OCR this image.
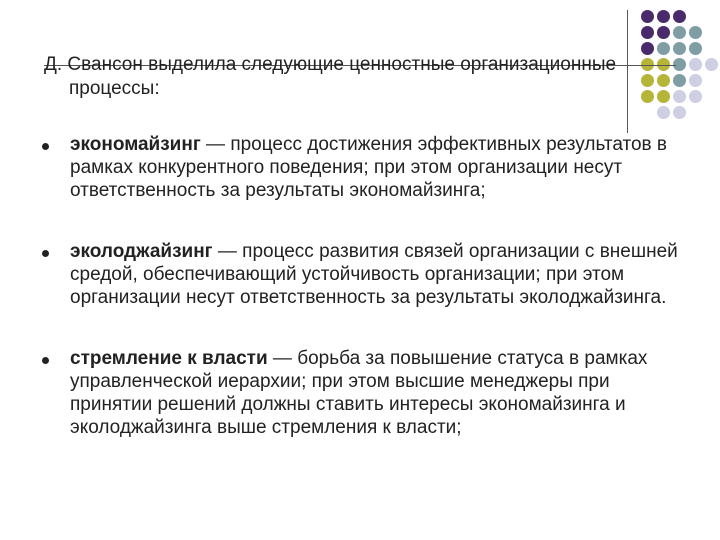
Д. Свансон выделила следующие ценностные организационные
процессы:

экономайзинг — процесс достижения эффективных результатов в рамках конкурентного поведения; при этом организации несут ответственность за результаты экономайзинга;
эколоджайзинг — процесс развития связей организации с внешней средой, обеспечивающий устойчивость организации; при этом организации несут ответственность за результаты эколоджайзинга.
стремление к власти — борьба за повышение статуса в рамках управленческой иерархии; при этом высшие менеджеры при принятии решений должны ставить интересы экономайзинга и эколоджайзинга выше стремления к власти;
